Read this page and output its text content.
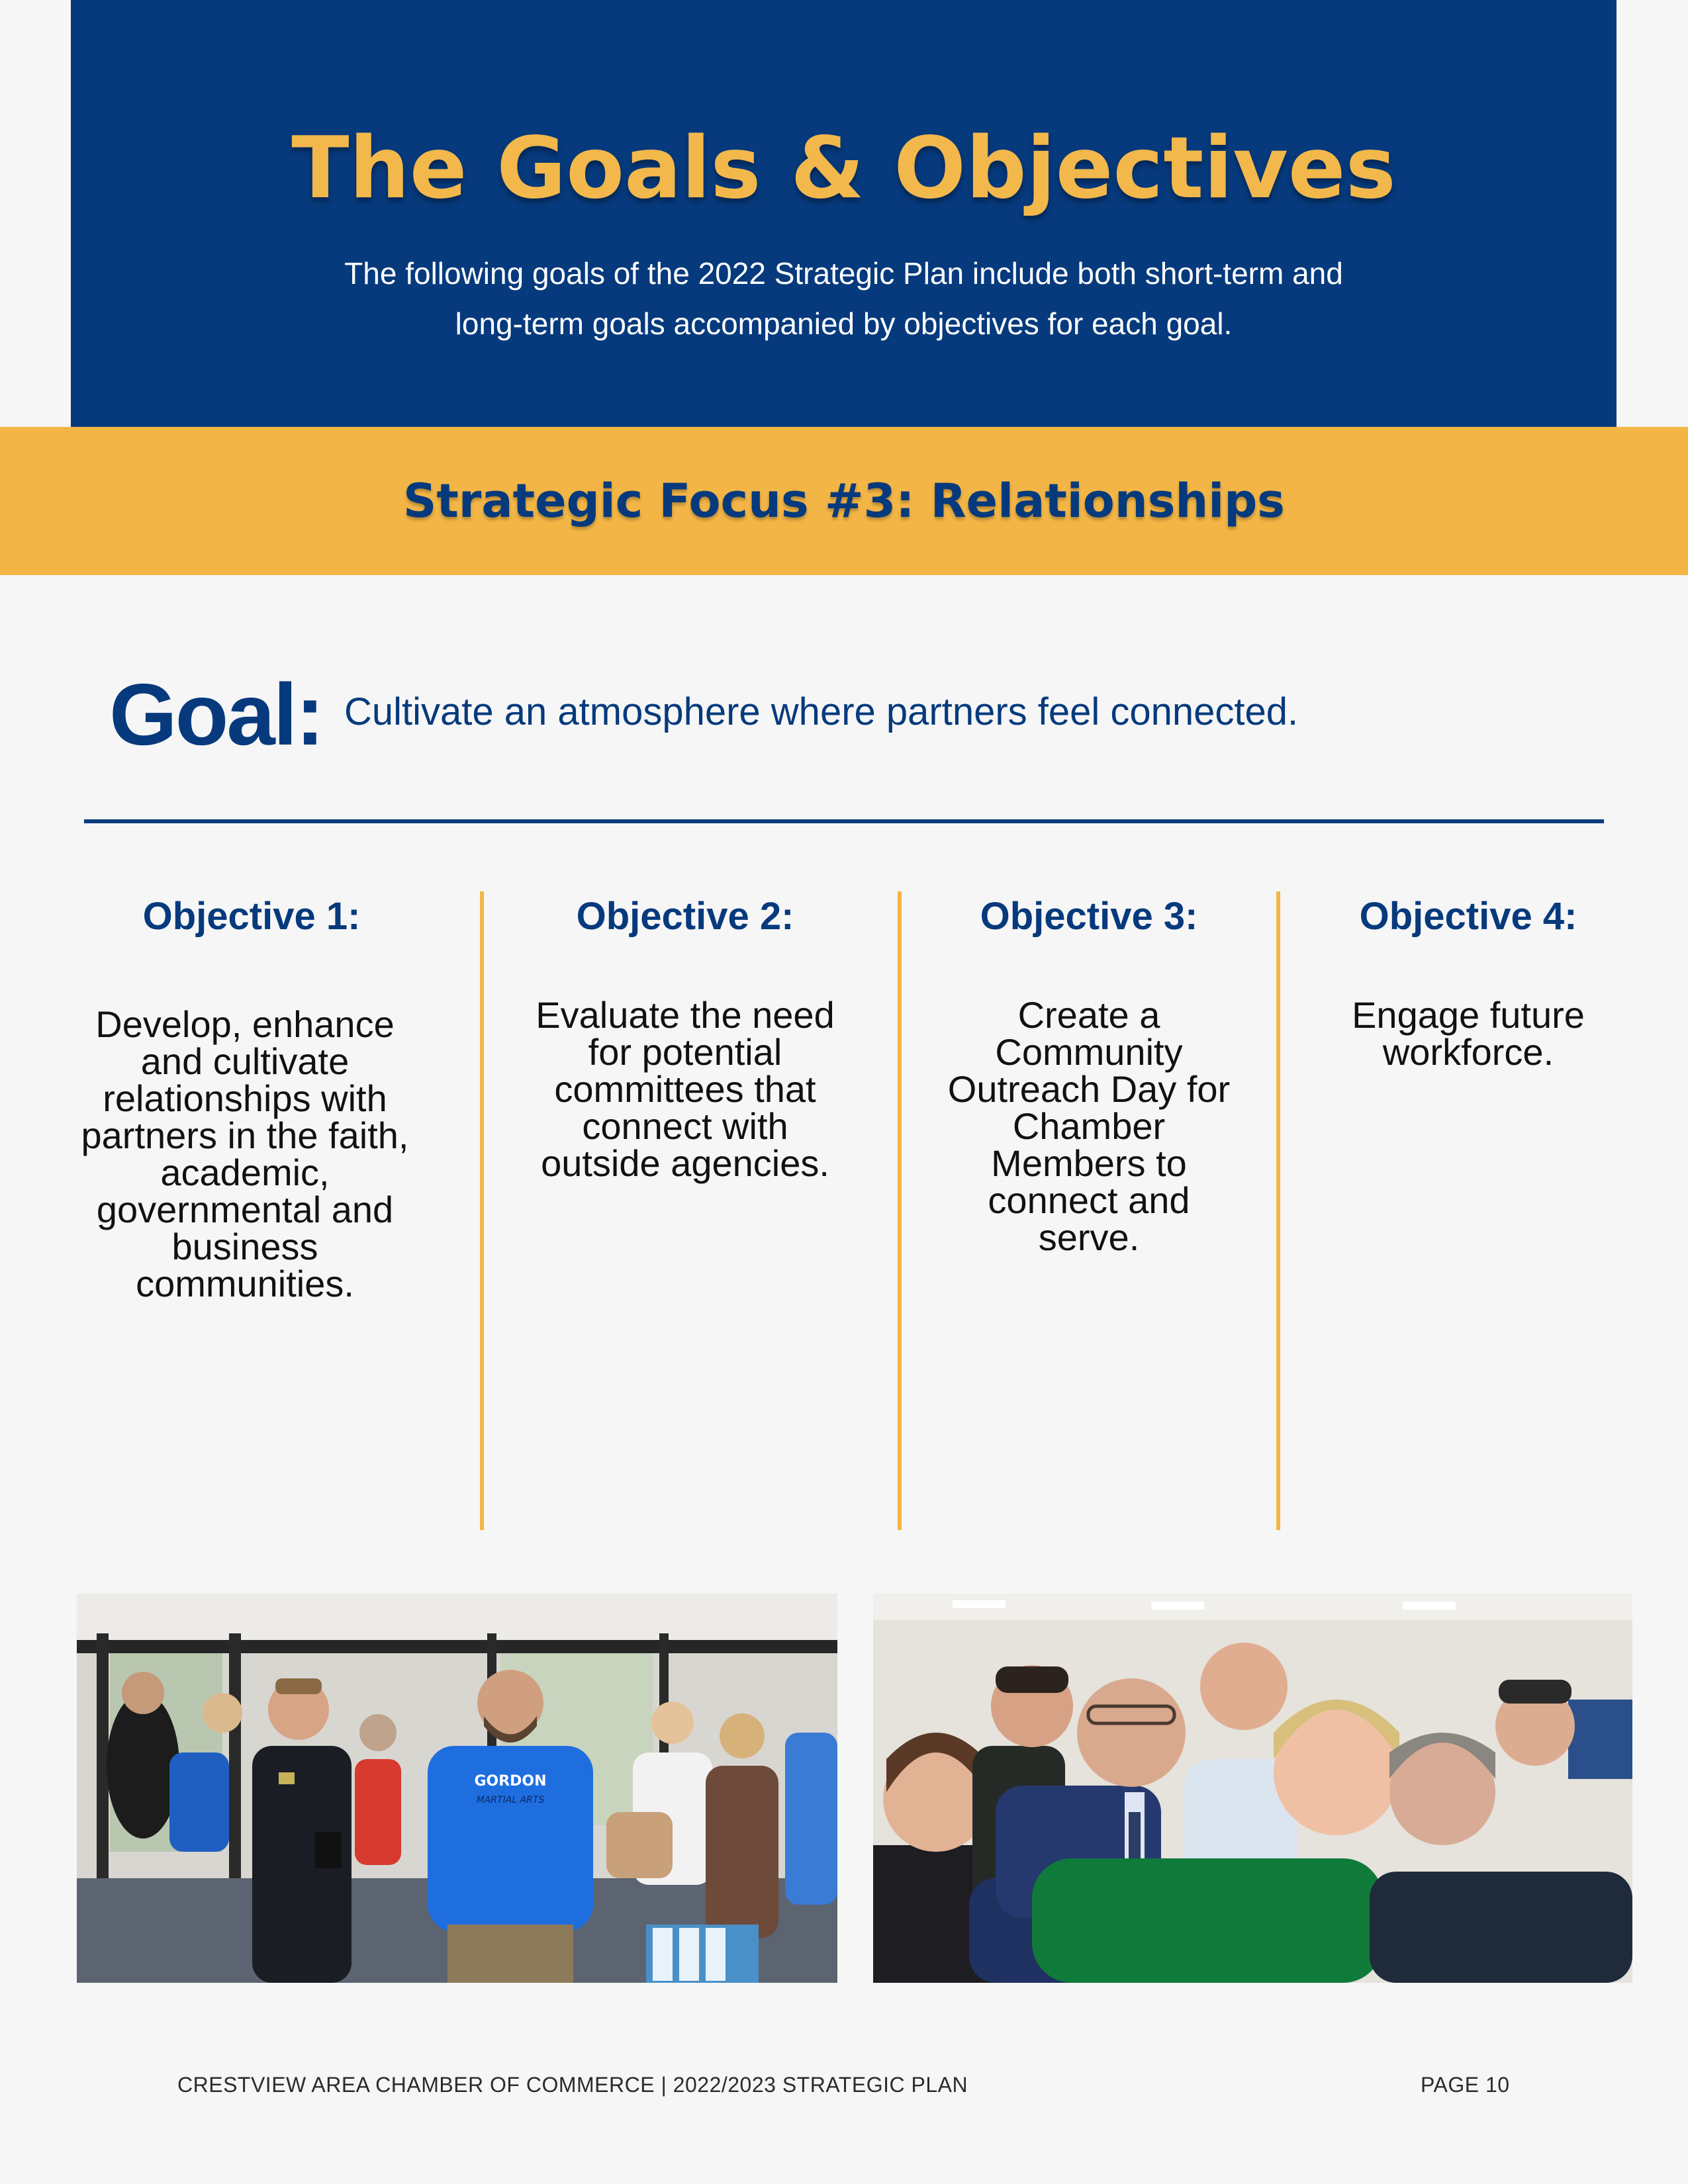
The Goals & Objectives
The following goals of the 2022 Strategic Plan include both short-term and long-term goals accompanied by objectives for each goal.
Strategic Focus #3: Relationships
Goal: Cultivate an atmosphere where partners feel connected.
Objective 1:
Develop, enhance and cultivate relationships with partners in the faith, academic, governmental and business communities.
Objective 2:
Evaluate the need for potential committees that connect with outside agencies.
Objective 3:
Create a Community Outreach Day for Chamber Members to connect and serve.
Objective 4:
Engage future workforce.
GORDON
MARTIAL ARTS
CRESTVIEW AREA CHAMBER OF COMMERCE | 2022/2023 STRATEGIC PLAN	PAGE 10
